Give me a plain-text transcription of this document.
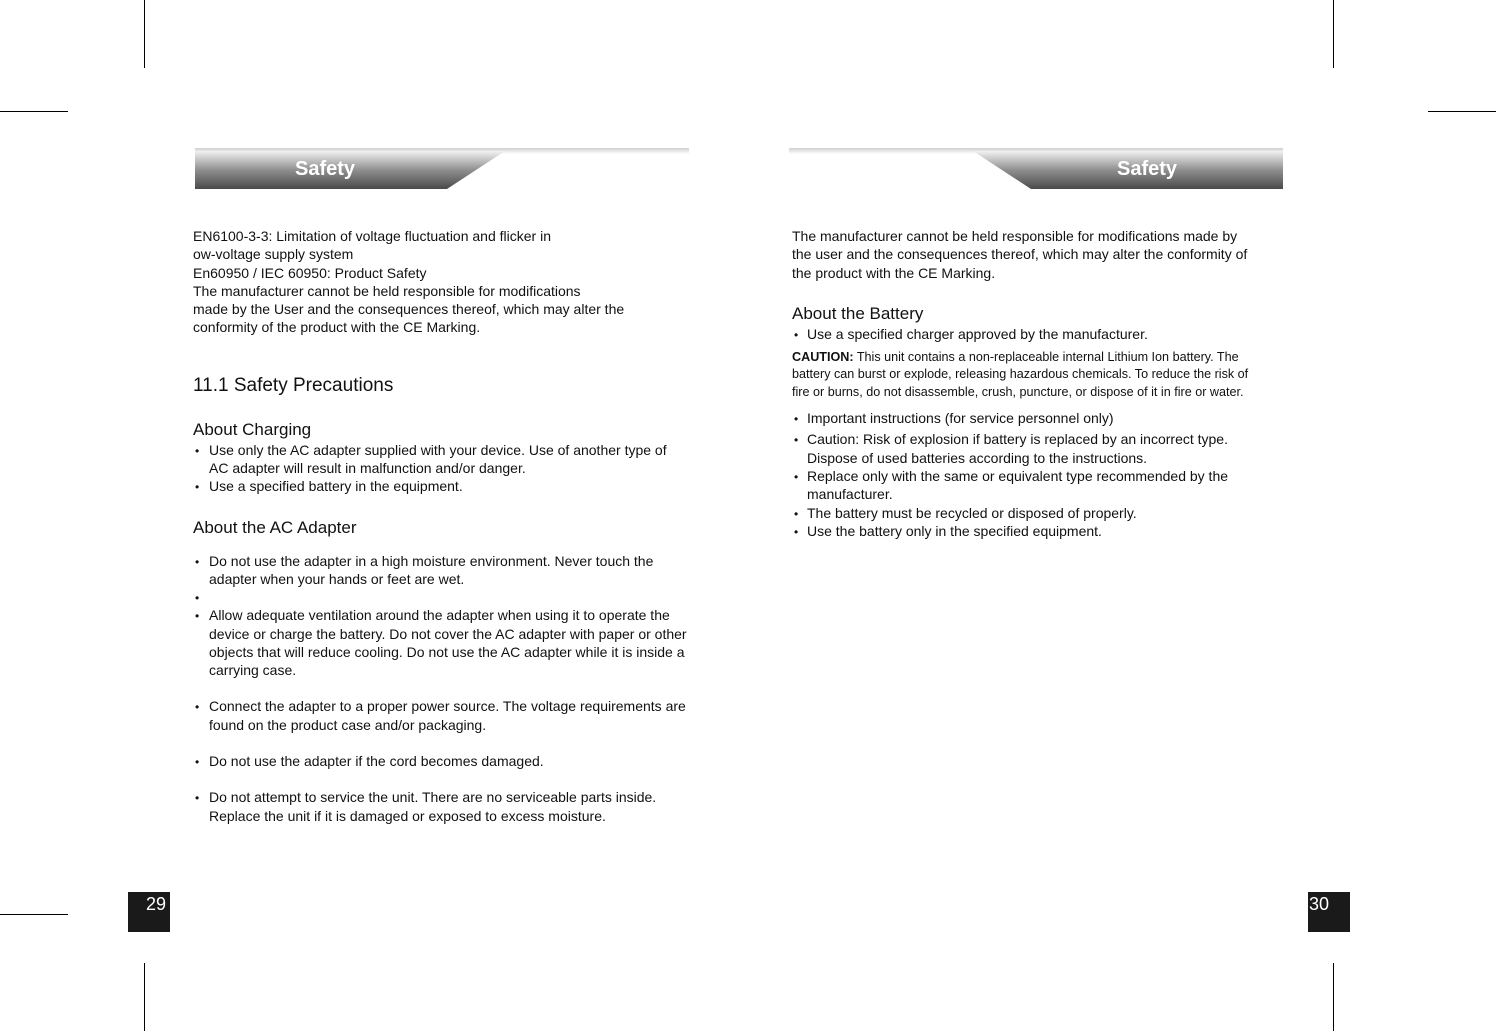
Safety

EN6100-3-3: Limitation of voltage fluctuation and flicker in

ow-voltage supply system

En60950 / IEC 60950: Product Safety

The manufacturer cannot be held responsible for modifications

made by the User and the consequences thereof, which may alter the

conformity of the product with the CE Marking.

11.1 Safety Precautions

About Charging

• Use only the AC adapter supplied with your device. Use of another type of AC adapter will result in malfunction and/or danger.
• Use a specified battery in the equipment.

About the AC Adapter

• Do not use the adapter in a high moisture environment. Never touch the adapter when your hands or feet are wet.
• Allow adequate ventilation around the adapter when using it to operate the device or charge the battery. Do not cover the AC adapter with paper or other objects that will reduce cooling. Do not use the AC adapter while it is inside a carrying case.
• Connect the adapter to a proper power source. The voltage requirements are found on the product case and/or packaging.
• Do not use the adapter if the cord becomes damaged.
• Do not attempt to service the unit. There are no serviceable parts inside. Replace the unit if it is damaged or exposed to excess moisture.
29
Safety

The manufacturer cannot be held responsible for modifications made by the user and the consequences thereof, which may alter the conformity of the product with the CE Marking.

About the Battery

• Use a specified charger approved by the manufacturer.

CAUTION: This unit contains a non-replaceable internal Lithium Ion battery. The battery can burst or explode, releasing hazardous chemicals. To reduce the risk of fire or burns, do not disassemble, crush, puncture, or dispose of it in fire or water.

• Important instructions (for service personnel only)
• Caution: Risk of explosion if battery is replaced by an incorrect type. Dispose of used batteries according to the instructions.
• Replace only with the same or equivalent type recommended by the manufacturer.
• The battery must be recycled or disposed of properly.
• Use the battery only in the specified equipment.
30
